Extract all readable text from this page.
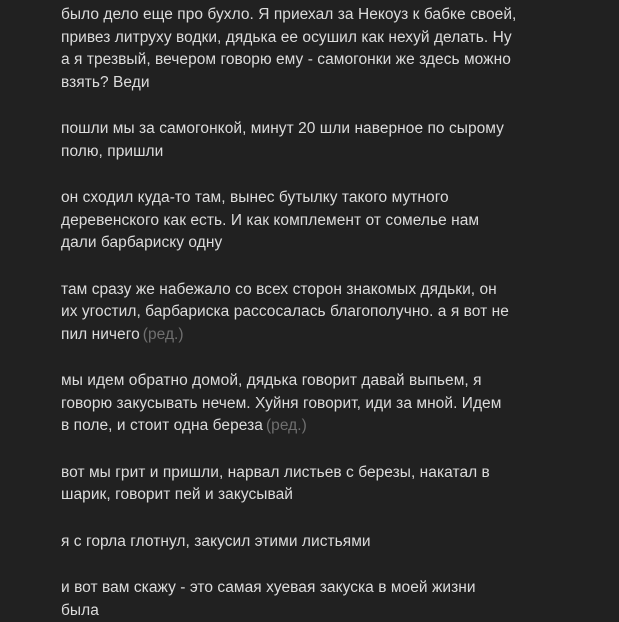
было дело еще про бухло. Я приехал за Некоуз к бабке своей,
привез литруху водки, дядька ее осушил как нехуй делать. Ну
а я трезвый, вечером говорю ему - самогонки же здесь можно
взять? Веди
пошли мы за самогонкой, минут 20 шли наверное по сырому
полю, пришли
он сходил куда-то там, вынес бутылку такого мутного
деревенского как есть. И как комплемент от сомелье нам
дали барбариску одну
там сразу же набежало со всех сторон знакомых дядьки, он
их угостил, барбариска рассосалась благополучно. а я вот не
пил ничего (ред.)
мы идем обратно домой, дядька говорит давай выпьем, я
говорю закусывать нечем. Хуйня говорит, иди за мной. Идем
в поле, и стоит одна береза (ред.)
вот мы грит и пришли, нарвал листьев с березы, накатал в
шарик, говорит пей и закусывай
я с горла глотнул, закусил этими листьями
и вот вам скажу - это самая хуевая закуска в моей жизни
была
